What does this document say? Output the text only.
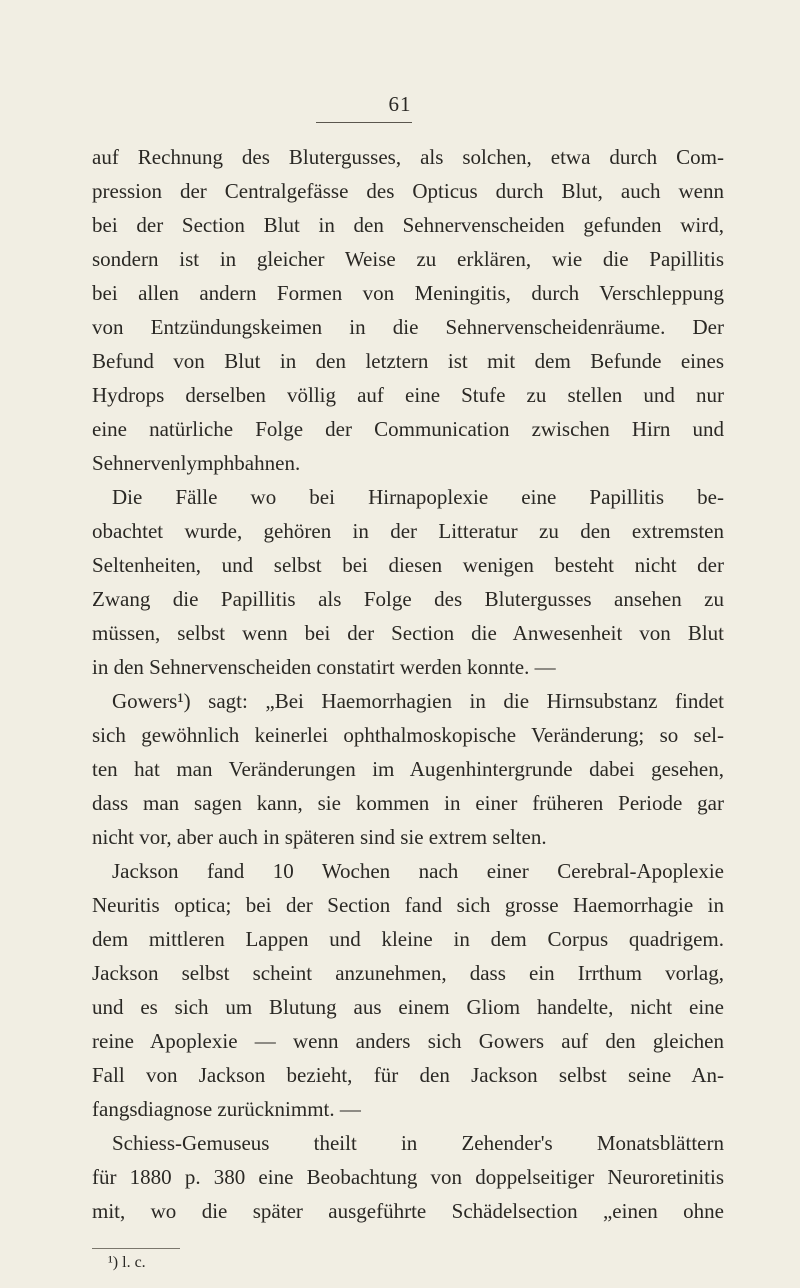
61
auf Rechnung des Blutergusses, als solchen, etwa durch Com-
pression der Centralgefässe des Opticus durch Blut, auch wenn
bei der Section Blut in den Sehnervenscheiden gefunden wird,
sondern ist in gleicher Weise zu erklären, wie die Papillitis
bei allen andern Formen von Meningitis, durch Verschleppung
von Entzündungskeimen in die Sehnervenscheidenräume. Der
Befund von Blut in den letztern ist mit dem Befunde eines
Hydrops derselben völlig auf eine Stufe zu stellen und nur
eine natürliche Folge der Communication zwischen Hirn und
Sehnervenlymphbahnen.
Die Fälle wo bei Hirnapoplexie eine Papillitis be-
obachtet wurde, gehören in der Litteratur zu den extremsten
Seltenheiten, und selbst bei diesen wenigen besteht nicht der
Zwang die Papillitis als Folge des Blutergusses ansehen zu
müssen, selbst wenn bei der Section die Anwesenheit von Blut
in den Sehnervenscheiden constatirt werden konnte. —
Gowers¹) sagt: „Bei Haemorrhagien in die Hirnsubstanz findet
sich gewöhnlich keinerlei ophthalmoskopische Veränderung; so sel-
ten hat man Veränderungen im Augenhintergrunde dabei gesehen,
dass man sagen kann, sie kommen in einer früheren Periode gar
nicht vor, aber auch in späteren sind sie extrem selten.
Jackson fand 10 Wochen nach einer Cerebral-Apoplexie
Neuritis optica; bei der Section fand sich grosse Haemorrhagie in
dem mittleren Lappen und kleine in dem Corpus quadrigem.
Jackson selbst scheint anzunehmen, dass ein Irrthum vorlag,
und es sich um Blutung aus einem Gliom handelte, nicht eine
reine Apoplexie — wenn anders sich Gowers auf den gleichen
Fall von Jackson bezieht, für den Jackson selbst seine An-
fangsdiagnose zurücknimmt. —
Schiess-Gemuseus theilt in Zehender's Monatsblättern
für 1880 p. 380 eine Beobachtung von doppelseitiger Neuroretinitis
mit, wo die später ausgeführte Schädelsection „einen ohne
¹) l. c.
